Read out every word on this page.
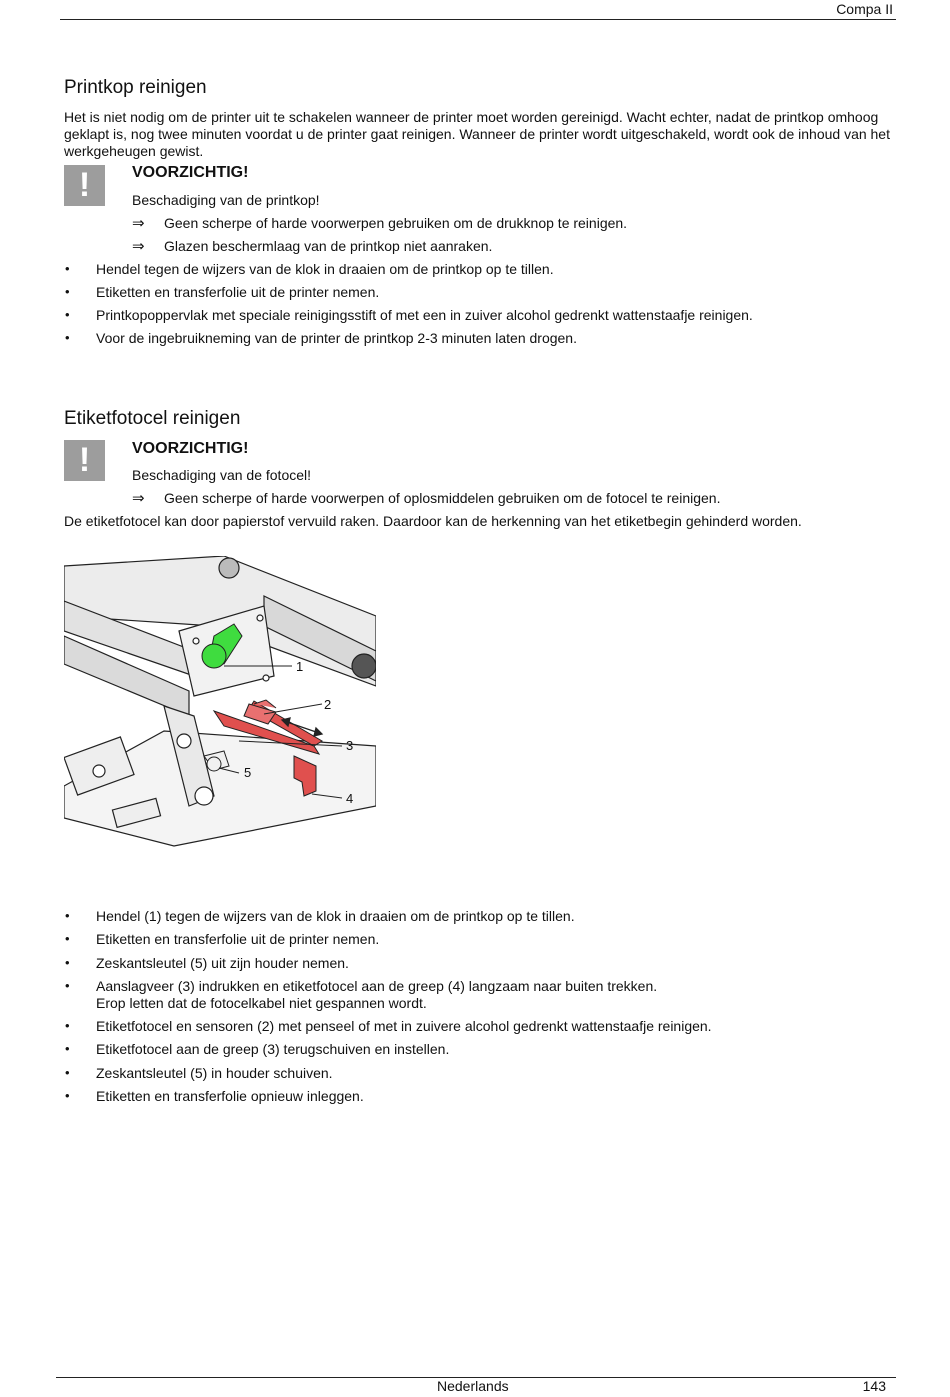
Compa II
Printkop reinigen
Het is niet nodig om de printer uit te schakelen wanneer de printer moet worden gereinigd. Wacht echter, nadat de printkop omhoog geklapt is, nog twee minuten voordat u de printer gaat reinigen. Wanneer de printer wordt uitgeschakeld, wordt ook de inhoud van het werkgeheugen gewist.
!	VOORZICHTIG!
Beschadiging van de printkop!
⇒ Geen scherpe of harde voorwerpen gebruiken om de drukknop te reinigen.
⇒ Glazen beschermlaag van de printkop niet aanraken.
• Hendel tegen de wijzers van de klok in draaien om de printkop op te tillen.
• Etiketten en transferfolie uit de printer nemen.
• Printkopoppervlak met speciale reinigingsstift of met een in zuiver alcohol gedrenkt wattenstaafje reinigen.
• Voor de ingebruikneming van de printer de printkop 2-3 minuten laten drogen.
Etiketfotocel reinigen
!	VOORZICHTIG!
Beschadiging van de fotocel!
⇒ Geen scherpe of harde voorwerpen of oplosmiddelen gebruiken om de fotocel te reinigen.
De etiketfotocel kan door papierstof vervuild raken. Daardoor kan de herkenning van het etiketbegin gehinderd worden.
1
2
3
4
5
• Hendel (1) tegen de wijzers van de klok in draaien om de printkop op te tillen.
• Etiketten en transferfolie uit de printer nemen.
• Zeskantsleutel (5) uit zijn houder nemen.
• Aanslagveer (3) indrukken en etiketfotocel aan de greep (4) langzaam naar buiten trekken.
Erop letten dat de fotocelkabel niet gespannen wordt.
• Etiketfotocel en sensoren (2) met penseel of met in zuivere alcohol gedrenkt wattenstaafje reinigen.
• Etiketfotocel aan de greep (3) terugschuiven en instellen.
• Zeskantsleutel (5) in houder schuiven.
• Etiketten en transferfolie opnieuw inleggen.
Nederlands	143
